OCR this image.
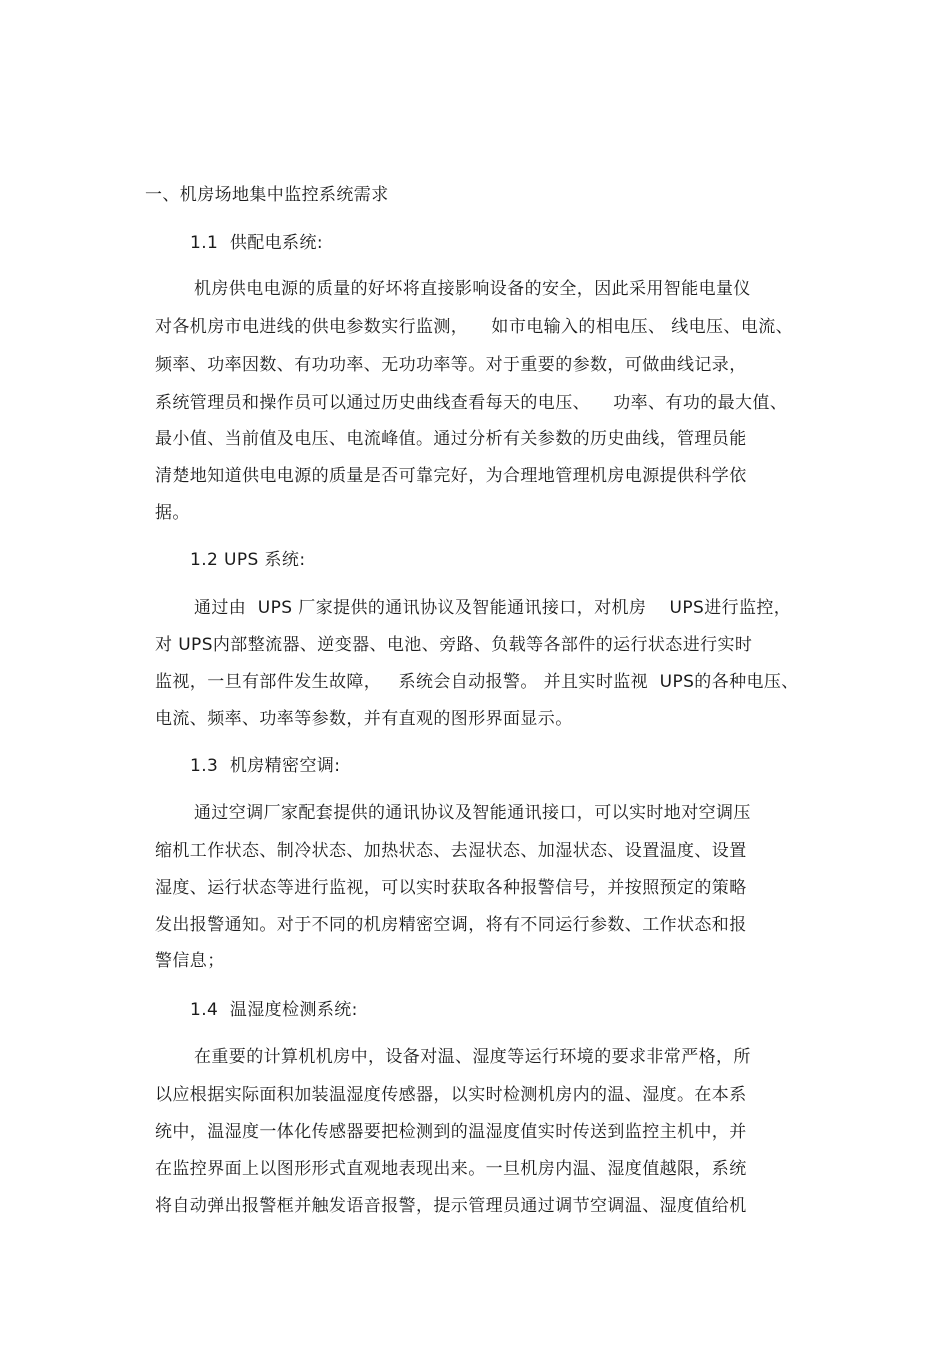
一、机房场地集中监控系统需求
1.1  供配电系统:
机房供电电源的质量的好坏将直接影响设备的安全，因此采用智能电量仪
对各机房市电进线的供电参数实行监测，    如市电输入的相电压、 线电压、电流、
频率、功率因数、有功功率、无功功率等。对于重要的参数，可做曲线记录，
系统管理员和操作员可以通过历史曲线查看每天的电压、    功率、有功的最大值、
最小值、当前值及电压、电流峰值。通过分析有关参数的历史曲线，管理员能
清楚地知道供电电源的质量是否可靠完好，为合理地管理机房电源提供科学依
据。
1.2 UPS 系统:
通过由  UPS 厂家提供的通讯协议及智能通讯接口，对机房    UPS进行监控，
对 UPS内部整流器、逆变器、电池、旁路、负载等各部件的运行状态进行实时
监视，一旦有部件发生故障，   系统会自动报警。 并且实时监视  UPS的各种电压、
电流、频率、功率等参数，并有直观的图形界面显示。
1.3  机房精密空调:
通过空调厂家配套提供的通讯协议及智能通讯接口，可以实时地对空调压
缩机工作状态、制冷状态、加热状态、去湿状态、加湿状态、设置温度、设置
湿度、运行状态等进行监视，可以实时获取各种报警信号，并按照预定的策略
发出报警通知。对于不同的机房精密空调，将有不同运行参数、工作状态和报
警信息；
1.4  温湿度检测系统:
在重要的计算机机房中，设备对温、湿度等运行环境的要求非常严格，所
以应根据实际面积加装温湿度传感器，以实时检测机房内的温、湿度。在本系
统中，温湿度一体化传感器要把检测到的温湿度值实时传送到监控主机中，并
在监控界面上以图形形式直观地表现出来。一旦机房内温、湿度值越限，系统
将自动弹出报警框并触发语音报警，提示管理员通过调节空调温、湿度值给机
